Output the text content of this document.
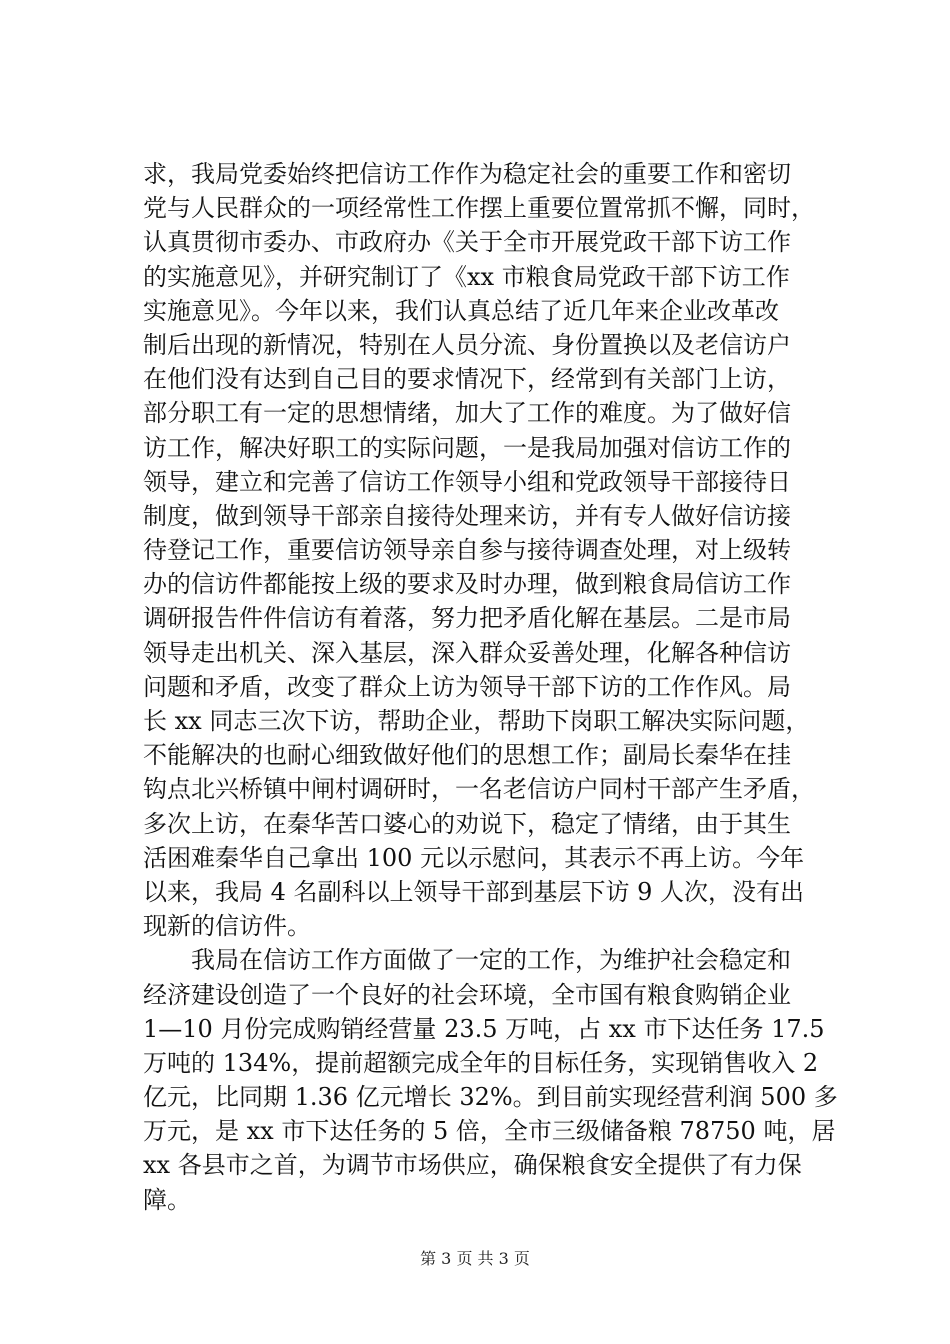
求，我局党委始终把信访工作作为稳定社会的重要工作和密切
党与人民群众的一项经常性工作摆上重要位置常抓不懈，同时，
认真贯彻市委办、市政府办《关于全市开展党政干部下访工作
的实施意见》，并研究制订了《xx 市粮食局党政干部下访工作
实施意见》。今年以来，我们认真总结了近几年来企业改革改
制后出现的新情况，特别在人员分流、身份置换以及老信访户
在他们没有达到自己目的要求情况下，经常到有关部门上访，
部分职工有一定的思想情绪，加大了工作的难度。为了做好信
访工作，解决好职工的实际问题，一是我局加强对信访工作的
领导，建立和完善了信访工作领导小组和党政领导干部接待日
制度，做到领导干部亲自接待处理来访，并有专人做好信访接
待登记工作，重要信访领导亲自参与接待调查处理，对上级转
办的信访件都能按上级的要求及时办理，做到粮食局信访工作
调研报告件件信访有着落，努力把矛盾化解在基层。二是市局
领导走出机关、深入基层，深入群众妥善处理，化解各种信访
问题和矛盾，改变了群众上访为领导干部下访的工作作风。局
长 xx 同志三次下访，帮助企业，帮助下岗职工解决实际问题，
不能解决的也耐心细致做好他们的思想工作；副局长秦华在挂
钩点北兴桥镇中闸村调研时，一名老信访户同村干部产生矛盾，
多次上访，在秦华苦口婆心的劝说下，稳定了情绪，由于其生
活困难秦华自己拿出 100 元以示慰问，其表示不再上访。今年
以来，我局 4 名副科以上领导干部到基层下访 9 人次，没有出
现新的信访件。
　　我局在信访工作方面做了一定的工作，为维护社会稳定和
经济建设创造了一个良好的社会环境，全市国有粮食购销企业
1—10 月份完成购销经营量 23.5 万吨，占 xx 市下达任务 17.5
万吨的 134%，提前超额完成全年的目标任务，实现销售收入 2
亿元，比同期 1.36 亿元增长 32%。到目前实现经营利润 500 多
万元，是 xx 市下达任务的 5 倍，全市三级储备粮 78750 吨，居
xx 各县市之首，为调节市场供应，确保粮食安全提供了有力保
障。
第 3 页 共 3 页
